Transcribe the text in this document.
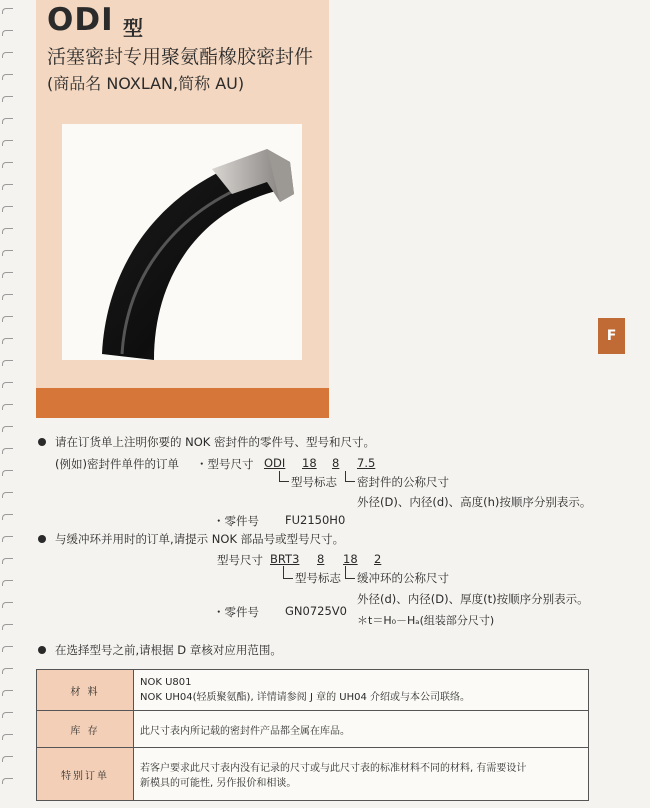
ODI 型
活塞密封专用聚氨酯橡胶密封件
(商品名 NOXLAN,简称 AU)
F
请在订货单上注明你要的 NOK 密封件的零件号、型号和尺寸。
(例如)密封件单件的订单 ・型号尺寸 ODI 18 8 7.5
型号标志 密封件的公称尺寸
外径(D)、内径(d)、高度(h)按顺序分别表示。
・零件号 FU2150H0
与缓冲环并用时的订单,请提示 NOK 部品号或型号尺寸。
型号尺寸 BRT3 8 18 2
型号标志 缓冲环的公称尺寸
外径(d)、内径(D)、厚度(t)按顺序分别表示。
・零件号 GN0725V0
＊t＝H₀－Hₐ(组装部分尺寸)
在选择型号之前,请根据 D 章核对应用范围。
材 料	NOK U801
NOK UH04(轻质聚氨酯), 详情请参阅 J 章的 UH04 介绍或与本公司联络。

库 存	此尺寸表内所记载的密封件产品都全属在库品。

特别订单	若客户要求此尺寸表内没有记录的尺寸或与此尺寸表的标准材料不同的材料, 有需要设计
新模具的可能性, 另作报价和相谈。
